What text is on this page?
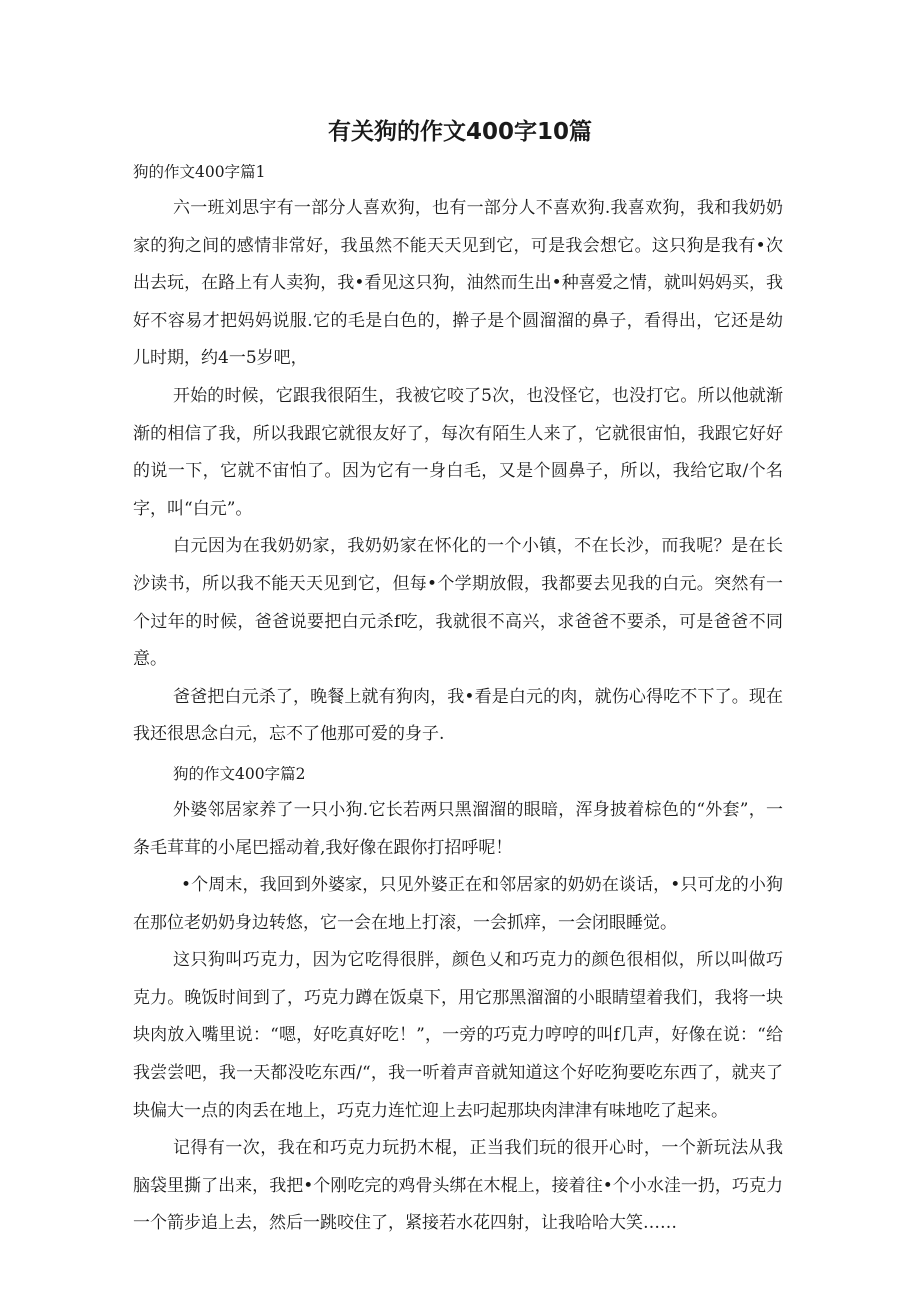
有关狗的作文400字10篇
狗的作文400字篇1

六一班刘思宇有一部分人喜欢狗，也有一部分人不喜欢狗.我喜欢狗，我和我奶奶家的狗之间的感情非常好，我虽然不能天天见到它，可是我会想它。这只狗是我有•次出去玩，在路上有人卖狗，我•看见这只狗，油然而生出•种喜爱之情，就叫妈妈买，我好不容易才把妈妈说服.它的毛是白色的，擀子是个圆溜溜的鼻子，看得出，它还是幼儿时期，约4一5岁吧，

开始的时候，它跟我很陌生，我被它咬了5次，也没怪它，也没打它。所以他就渐渐的相信了我，所以我跟它就很友好了，每次有陌生人来了，它就很宙怕，我跟它好好的说一下，它就不宙怕了。因为它有一身白毛，又是个圆鼻子，所以，我给它取/个名字，叫“白元”。

白元因为在我奶奶家，我奶奶家在怀化的一个小镇，不在长沙，而我呢？是在长沙读书，所以我不能天天见到它，但每•个学期放假，我都要去见我的白元。突然有一个过年的时候，爸爸说要把白元杀f吃，我就很不高兴，求爸爸不要杀，可是爸爸不同意。

爸爸把白元杀了，晚餐上就有狗肉，我•看是白元的肉，就伤心得吃不下了。现在我还很思念白元，忘不了他那可爱的身子.

狗的作文400字篇2

外婆邻居家养了一只小狗.它长若两只黑溜溜的眼暗，浑身披着棕色的“外套”，一条毛茸茸的小尾巴摇动着,我好像在跟你打招呼呢！

•个周末，我回到外婆家，只见外婆正在和邻居家的奶奶在谈话，•只可龙的小狗在那位老奶奶身边转悠，它一会在地上打滚，一会抓痒，一会闭眼睡觉。

这只狗叫巧克力，因为它吃得很胖，颜色乂和巧克力的颜色很相似，所以叫做巧克力。晚饭时间到了，巧克力蹲在饭桌下，用它那黑溜溜的小眼睛望着我们，我将一块块肉放入嘴里说：“嗯，好吃真好吃！”，一旁的巧克力哼哼的叫f几声，好像在说：“给我尝尝吧，我一天都没吃东西/“，我一听着声音就知道这个好吃狗要吃东西了，就夹了块偏大一点的肉丢在地上，巧克力连忙迎上去叼起那块肉津津有味地吃了起来。

记得有一次，我在和巧克力玩扔木棍，正当我们玩的很开心时，一个新玩法从我脑袋里撕了出来，我把•个刚吃完的鸡骨头绑在木棍上，接着往•个小水洼一扔，巧克力一个箭步追上去，然后一跳咬住了，紧接若水花四射，让我哈哈大笑……
